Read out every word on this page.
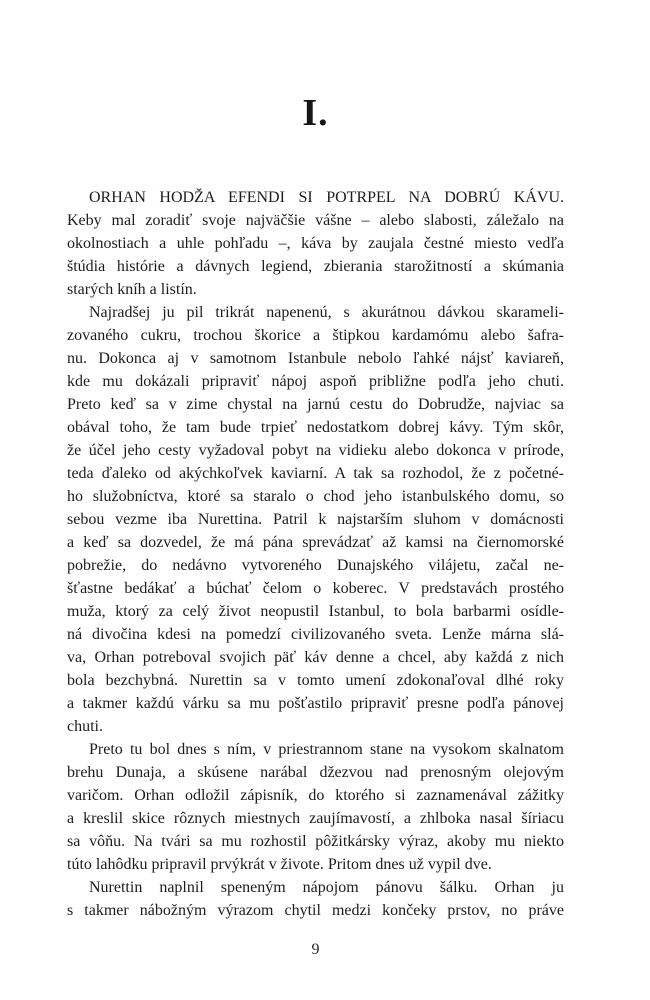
I.
ORHAN HODŽA EFENDI SI POTRPEL NA DOBRÚ KÁVU.
Keby mal zoradiť svoje najväčšie vášne – alebo slabosti, záležalo na
okolnostiach a uhle pohľadu –, káva by zaujala čestné miesto vedľa
štúdia histórie a dávnych legiend, zbierania starožitností a skúmania
starých kníh a listín.
Najradšej ju pil trikrát napenenú, s akurátnou dávkou skarameli-
zovaného cukru, trochou škorice a štipkou kardamómu alebo šafra-
nu. Dokonca aj v samotnom Istanbule nebolo ľahké nájsť kaviareň,
kde mu dokázali pripraviť nápoj aspoň približne podľa jeho chuti.
Preto keď sa v zime chystal na jarnú cestu do Dobrudže, najviac sa
obával toho, že tam bude trpieť nedostatkom dobrej kávy. Tým skôr,
že účel jeho cesty vyžadoval pobyt na vidieku alebo dokonca v prírode,
teda ďaleko od akýchkoľvek kaviarní. A tak sa rozhodol, že z početné-
ho služobníctva, ktoré sa staralo o chod jeho istanbulského domu, so
sebou vezme iba Nurettina. Patril k najstarším sluhom v domácnosti
a keď sa dozvedel, že má pána sprevádzať až kamsi na čiernomorské
pobrežie, do nedávno vytvoreného Dunajského vilájetu, začal ne-
šťastne bedákať a búchať čelom o koberec. V predstavách prostého
muža, ktorý za celý život neopustil Istanbul, to bola barbarmi osídle-
ná divočina kdesi na pomedzí civilizovaného sveta. Lenže márna slá-
va, Orhan potreboval svojich päť káv denne a chcel, aby každá z nich
bola bezchybná. Nurettin sa v tomto umení zdokonaľoval dlhé roky
a takmer každú várku sa mu pošťastilo pripraviť presne podľa pánovej
chuti.
Preto tu bol dnes s ním, v priestrannom stane na vysokom skalnatom
brehu Dunaja, a skúsene narábal džezvou nad prenosným olejovým
varičom. Orhan odložil zápisník, do ktorého si zaznamenával zážitky
a kreslil skice rôznych miestnych zaujímavostí, a zhlboka nasal šíriacu
sa vôňu. Na tvári sa mu rozhostil pôžitkársky výraz, akoby mu niekto
túto lahôdku pripravil prvýkrát v živote. Pritom dnes už vypil dve.
Nurettin naplnil speneným nápojom pánovu šálku. Orhan ju
s takmer nábožným výrazom chytil medzi končeky prstov, no práve
9
